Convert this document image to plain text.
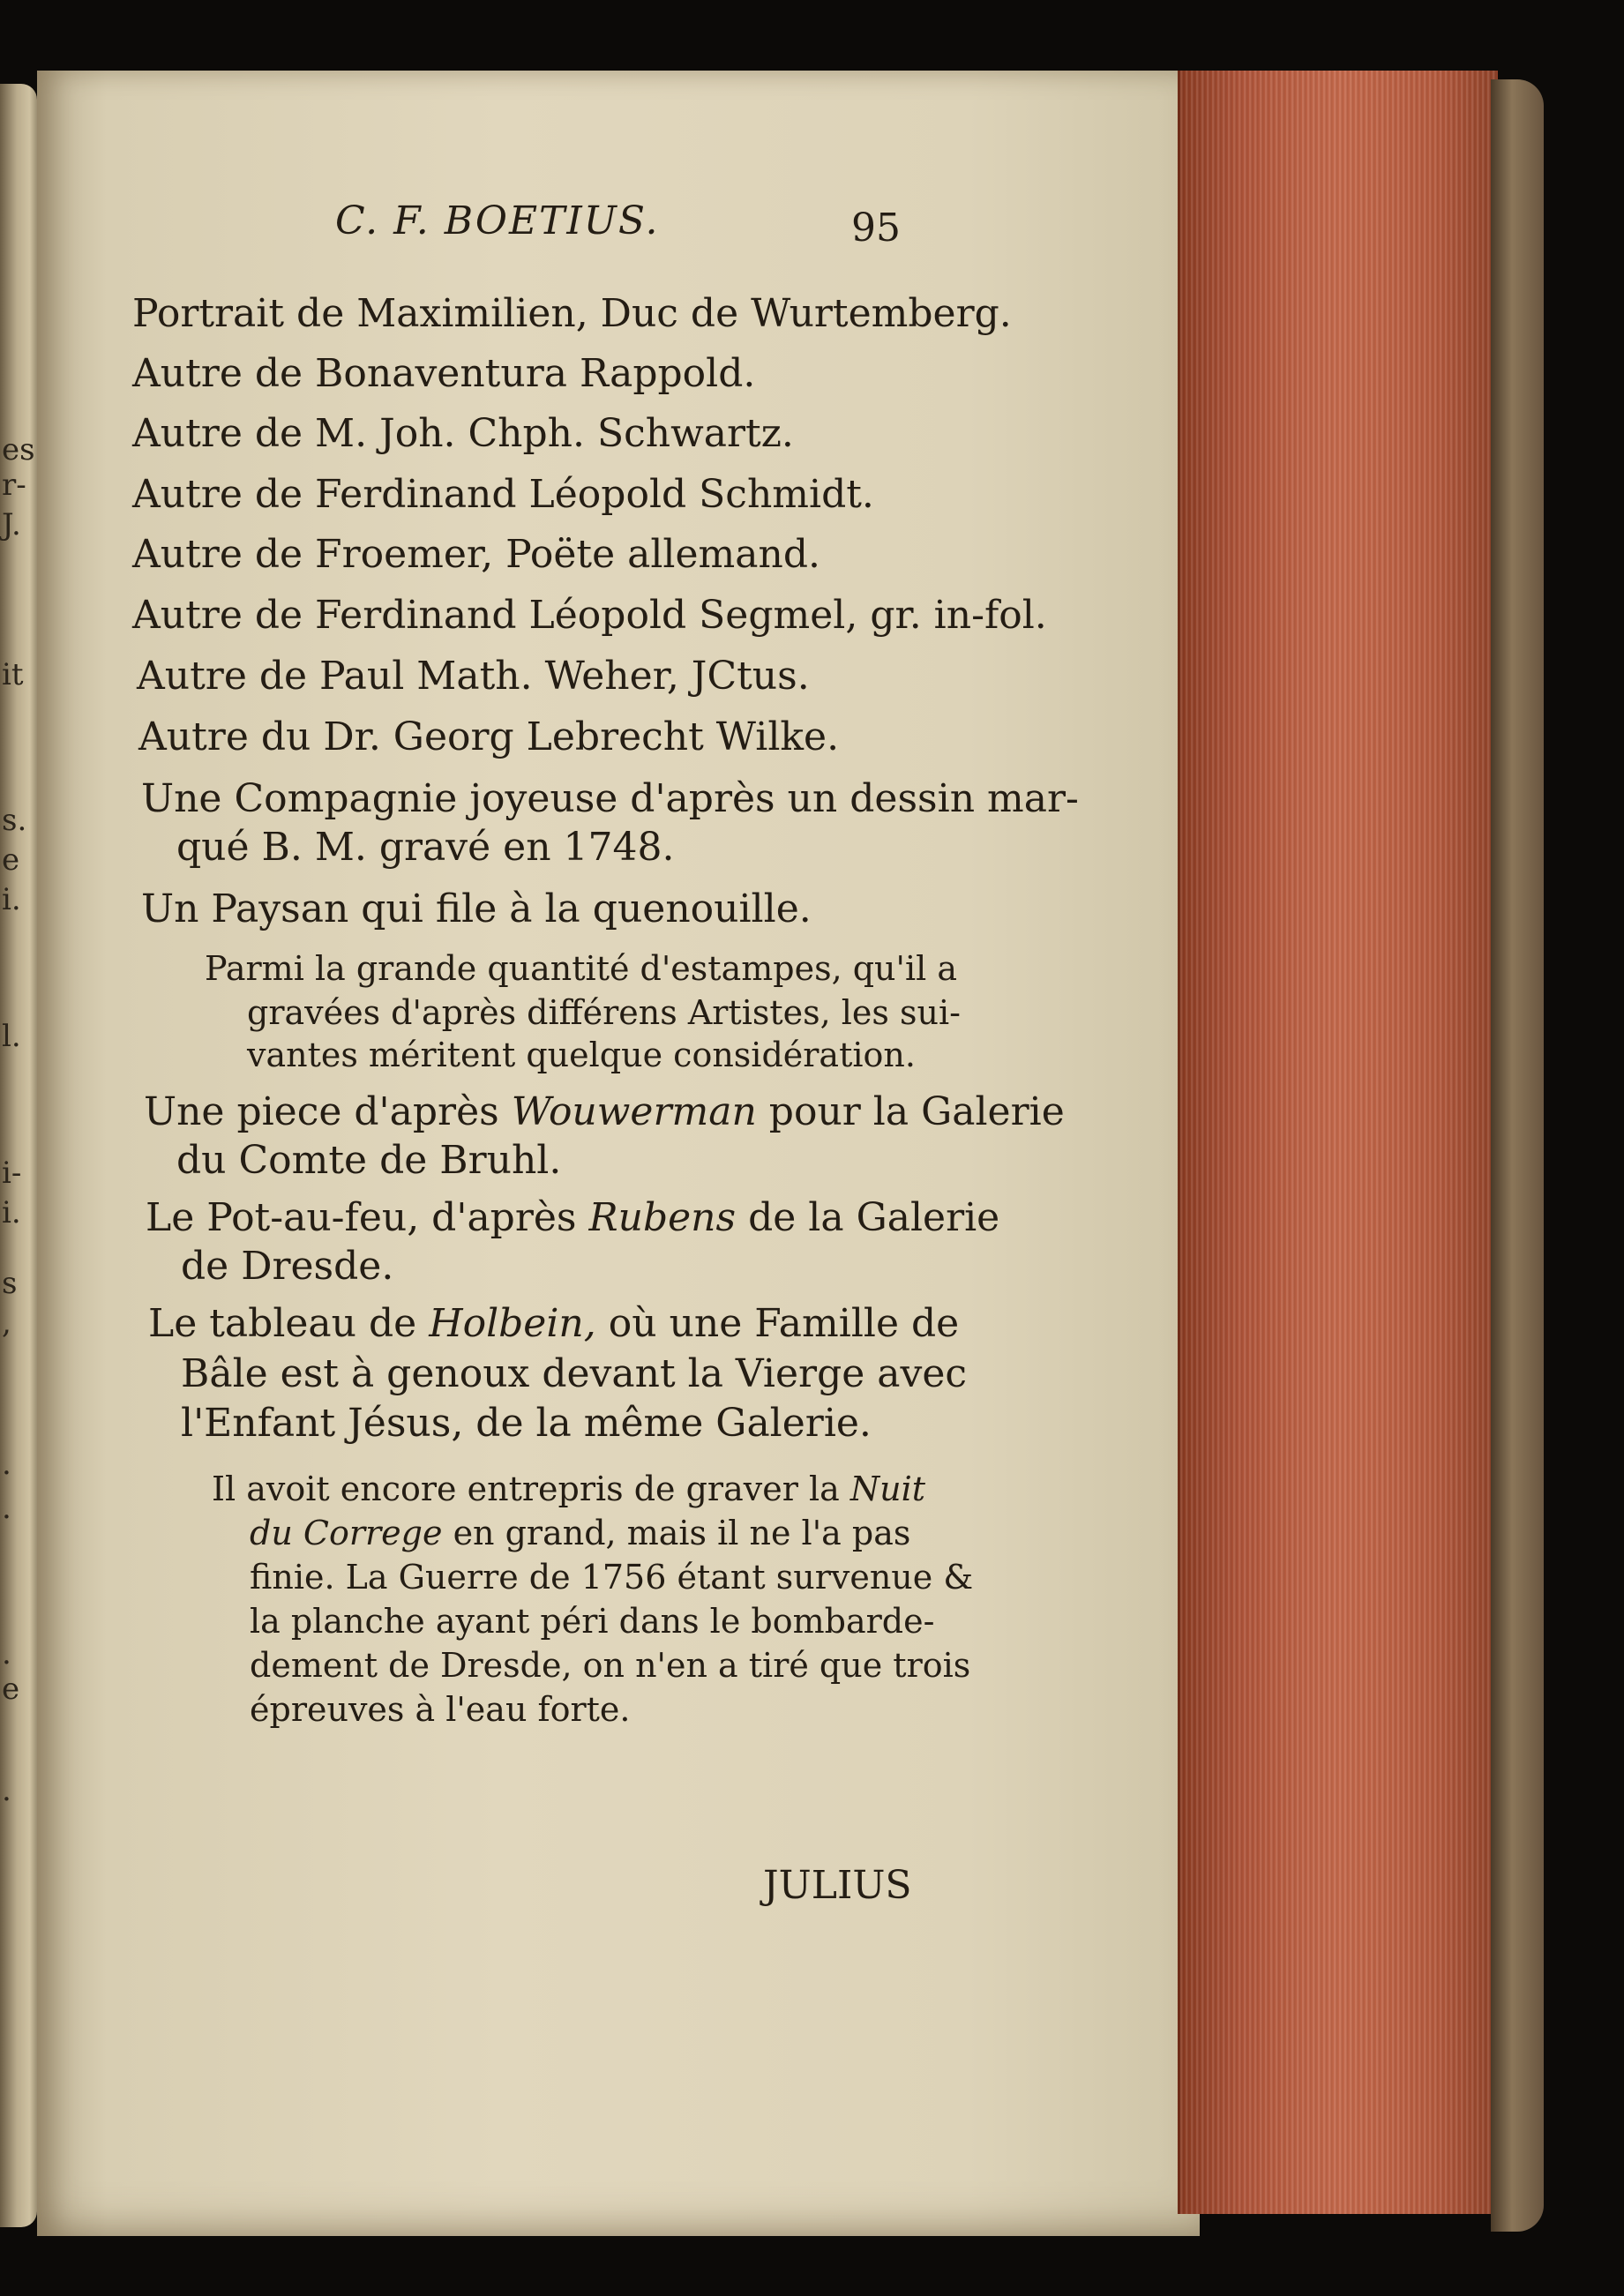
es
r-
J.
it
s.
e
i.
l.
i-
i.
s
,
.
.
.
e
.
C. F. BOETIUS.	95
Portrait de Maximilien, Duc de Wurtemberg.
Autre de Bonaventura Rappold.
Autre de M. Joh. Chph. Schwartz.
Autre de Ferdinand Léopold Schmidt.
Autre de Froemer, Poëte allemand.
Autre de Ferdinand Léopold Segmel, gr. in-fol.
Autre de Paul Math. Weher, JCtus.
Autre du Dr. Georg Lebrecht Wilke.
Une Compagnie joyeuse d'après un dessin mar-
qué B. M. gravé en 1748.
Un Paysan qui file à la quenouille.
Parmi la grande quantité d'estampes, qu'il a
gravées d'après différens Artistes, les sui-
vantes méritent quelque considération.
Une piece d'après Wouwerman pour la Galerie
du Comte de Bruhl.
Le Pot-au-feu, d'après Rubens de la Galerie
de Dresde.
Le tableau de Holbein, où une Famille de
Bâle est à genoux devant la Vierge avec
l'Enfant Jésus, de la même Galerie.
Il avoit encore entrepris de graver la Nuit
du Correge en grand, mais il ne l'a pas
finie. La Guerre de 1756 étant survenue &
la planche ayant péri dans le bombarde-
dement de Dresde, on n'en a tiré que trois
épreuves à l'eau forte.
JULIUS
